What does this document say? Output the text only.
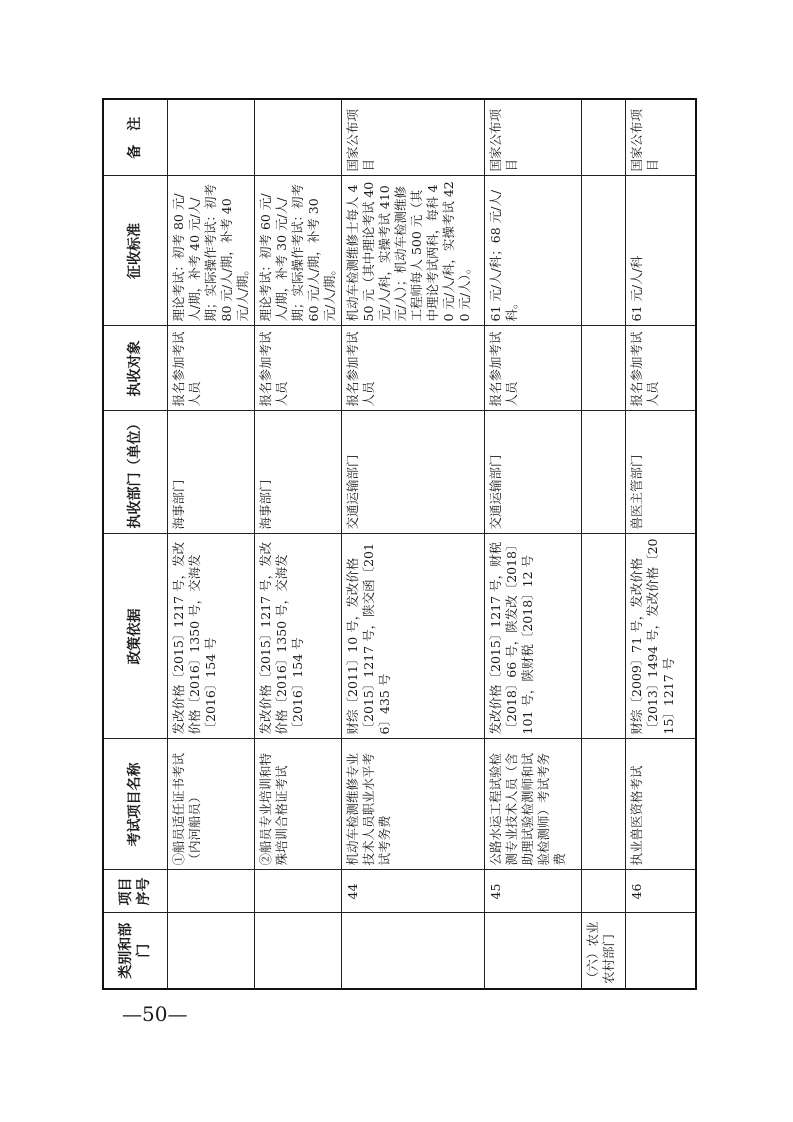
类别和部门	项目序号	考试项目名称	政策依据	执收部门（单位）	执收对象	征收标准	备　注
		①船员适任证书考试（内河船员）	发改价格〔2015〕1217 号，发改价格〔2016〕1350 号，交海发〔2016〕154 号	海事部门	报名参加考试人员	理论考试：初考 80 元/人/期，补考 40 元/人/期；实际操作考试：初考 80 元/人/期，补考 40 元/人/期。	
		②船员专业培训和特殊培训合格证考试	发改价格〔2015〕1217 号，发改价格〔2016〕1350 号，交海发〔2016〕154 号	海事部门	报名参加考试人员	理论考试：初考 60 元/人/期，补考 30 元/人/期；实际操作考试：初考 60 元/人/期，补考 30 元/人/期。	
	44	机动车检测维修专业技术人员职业水平考试考务费	财综〔2011〕10 号，发改价格〔2015〕1217 号，陕交函〔2016〕435 号	交通运输部门	报名参加考试人员	机动车检测维修士每人 450 元（其中理论考试 40 元/人/科，实操考试 410 元/人）；机动车检测维修工程师每人 500 元（其中理论考试两科，每科 40 元/人/科，实操考试 420 元/人）。	国家公布项目
	45	公路水运工程试验检测专业技术人员（含助理试验检测师和试验检测师）考试考务费	发改价格〔2015〕1217 号，财税〔2018〕66 号，陕发改〔2018〕101 号，陕财税〔2018〕12 号	交通运输部门	报名参加考试人员	61 元/人/科；68 元/人/科。	国家公布项目
（六）农业农村部门							
	46	执业兽医资格考试	财综〔2009〕71 号，发改价格〔2013〕1494 号，发改价格〔2015〕1217 号	兽医主管部门	报名参加考试人员	61 元/人/科	国家公布项目
—50—
